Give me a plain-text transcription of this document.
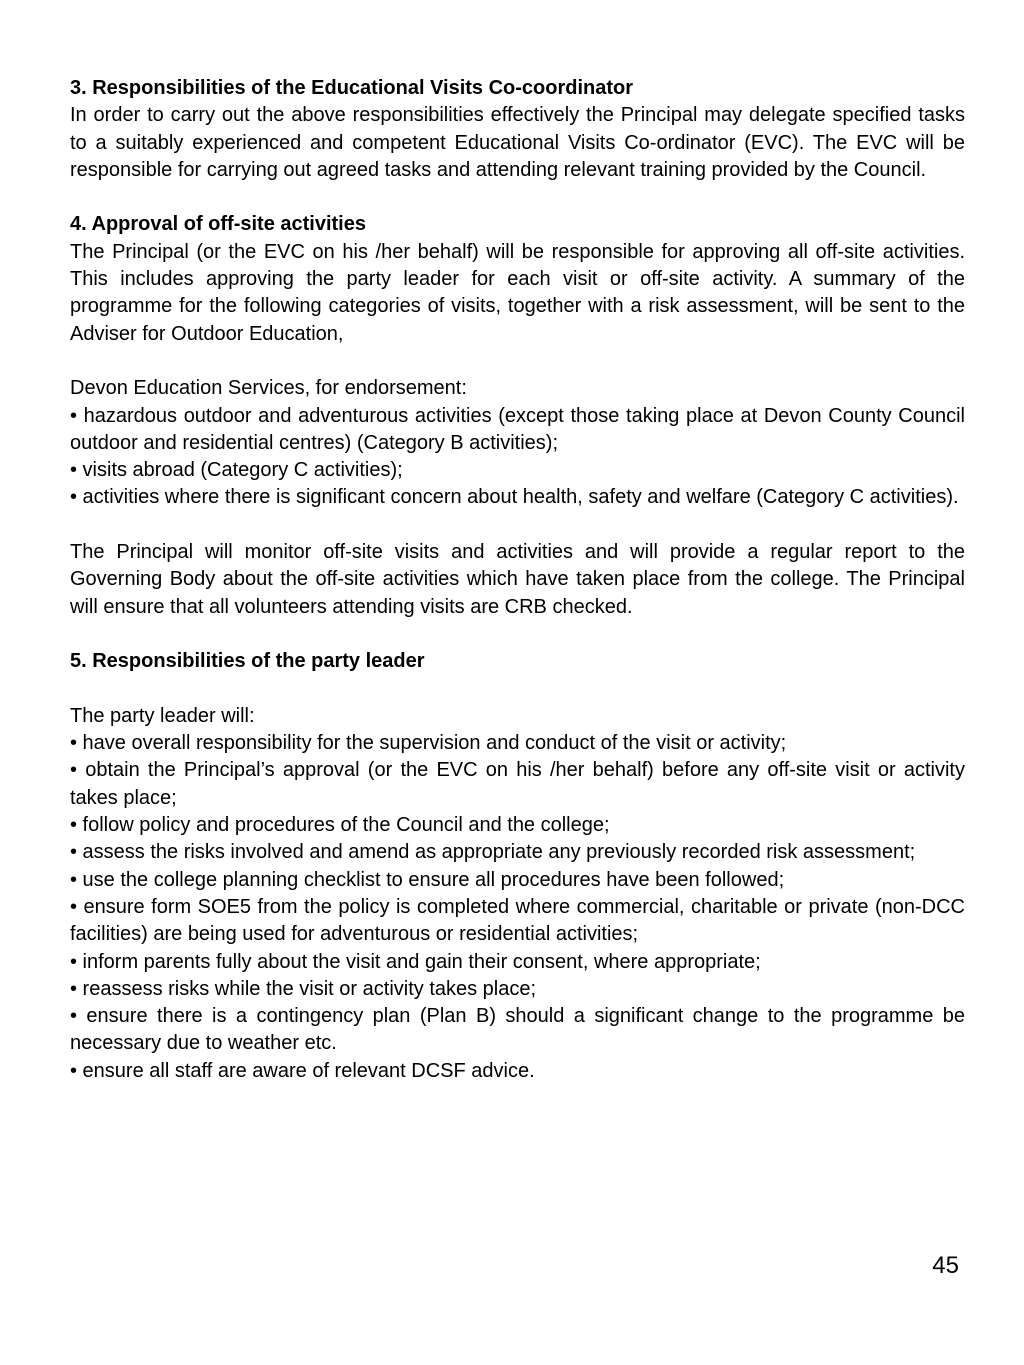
3. Responsibilities of the Educational Visits Co-coordinator

In order to carry out the above responsibilities effectively the Principal may delegate specified tasks to a suitably experienced and competent Educational Visits Co-ordinator (EVC). The EVC will be responsible for carrying out agreed tasks and attending relevant training provided by the Council.

4. Approval of off-site activities

The Principal (or the EVC on his /her behalf) will be responsible for approving all off-site activities. This includes approving the party leader for each visit or off-site activity. A summary of the programme for the following categories of visits, together with a risk assessment, will be sent to the Adviser for Outdoor Education,

Devon Education Services, for endorsement:

• hazardous outdoor and adventurous activities (except those taking place at Devon County Council outdoor and residential centres) (Category B activities);

• visits abroad (Category C activities);

• activities where there is significant concern about health, safety and welfare (Category C activities).

The Principal will monitor off-site visits and activities and will provide a regular report to the Governing Body about the off-site activities which have taken place from the college. The Principal will ensure that all volunteers attending visits are CRB checked.

5. Responsibilities of the party leader

The party leader will:

• have overall responsibility for the supervision and conduct of the visit or activity;

• obtain the Principal’s approval (or the EVC on his /her behalf) before any off-site visit or activity takes place;

• follow policy and procedures of the Council and the college;

• assess the risks involved and amend as appropriate any previously recorded risk assessment;

• use the college planning checklist to ensure all procedures have been followed;

• ensure form SOE5 from the policy is completed where commercial, charitable or private (non-DCC facilities) are being used for adventurous or residential activities;

• inform parents fully about the visit and gain their consent, where appropriate;

• reassess risks while the visit or activity takes place;

• ensure there is a contingency plan (Plan B) should a significant change to the programme be necessary due to weather etc.

• ensure all staff are aware of relevant DCSF advice.

45
